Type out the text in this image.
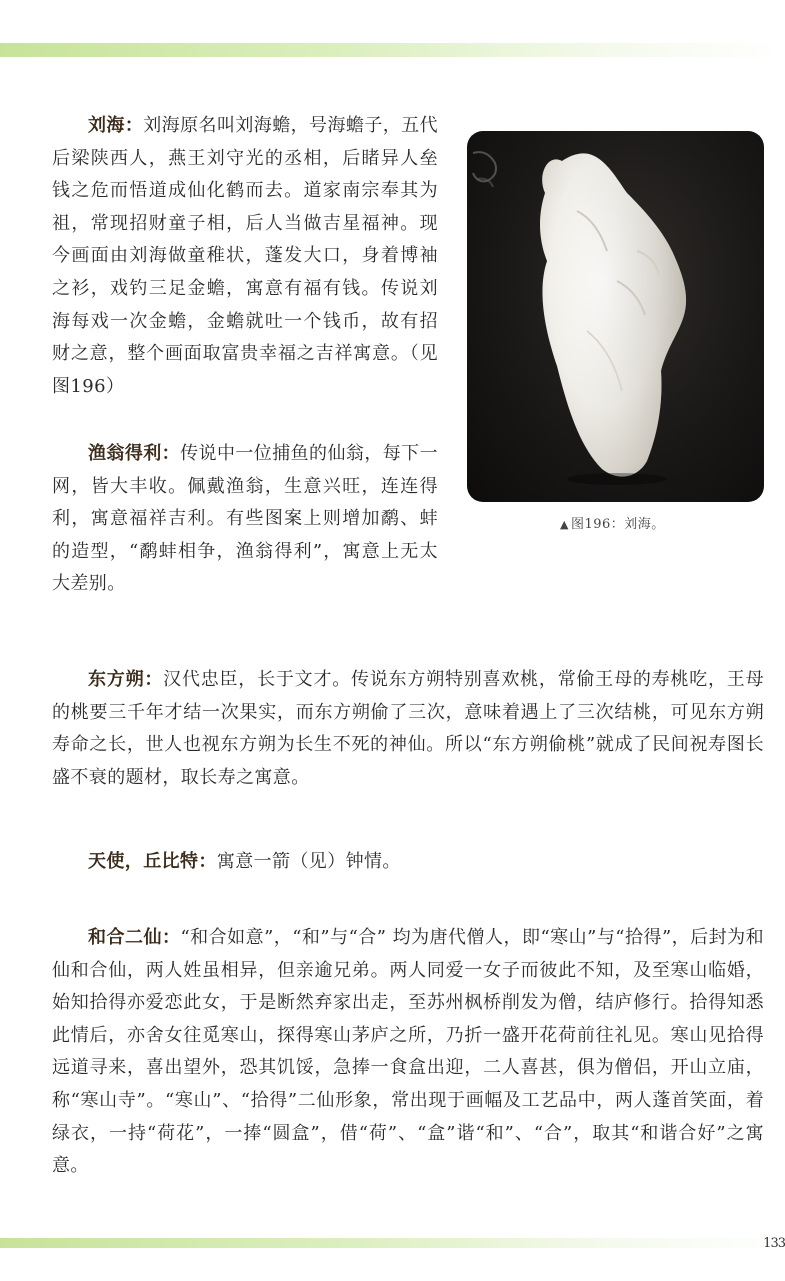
刘海：刘海原名叫刘海蟾，号海蟾子，五代后梁陕西人，燕王刘守光的丞相，后睹异人垒钱之危而悟道成仙化鹤而去。道家南宗奉其为祖，常现招财童子相，后人当做吉星福神。现今画面由刘海做童稚状，蓬发大口，身着博袖之衫，戏钓三足金蟾，寓意有福有钱。传说刘海每戏一次金蟾，金蟾就吐一个钱币，故有招财之意，整个画面取富贵幸福之吉祥寓意。（见图196）

▲ 图196：刘海。

渔翁得利：传说中一位捕鱼的仙翁，每下一网，皆大丰收。佩戴渔翁，生意兴旺，连连得利，寓意福祥吉利。有些图案上则增加鹬、蚌的造型，“鹬蚌相争，渔翁得利”，寓意上无太大差别。

东方朔：汉代忠臣，长于文才。传说东方朔特别喜欢桃，常偷王母的寿桃吃，王母的桃要三千年才结一次果实，而东方朔偷了三次，意味着遇上了三次结桃，可见东方朔寿命之长，世人也视东方朔为长生不死的神仙。所以“东方朔偷桃”就成了民间祝寿图长盛不衰的题材，取长寿之寓意。

天使，丘比特：寓意一箭（见）钟情。

和合二仙：“和合如意”，“和”与“合” 均为唐代僧人，即“寒山”与“拾得”，后封为和仙和合仙，两人姓虽相异，但亲逾兄弟。两人同爱一女子而彼此不知，及至寒山临婚，始知拾得亦爱恋此女，于是断然弃家出走，至苏州枫桥削发为僧，结庐修行。拾得知悉此情后，亦舍女往觅寒山，探得寒山茅庐之所，乃折一盛开花荷前往礼见。寒山见拾得远道寻来，喜出望外，恐其饥馁，急捧一食盒出迎，二人喜甚，俱为僧侣，开山立庙，称“寒山寺”。“寒山”、“拾得”二仙形象，常出现于画幅及工艺品中，两人蓬首笑面，着绿衣，一持“荷花”，一捧“圆盒”，借“荷”、“盒”谐“和”、“合”，取其“和谐合好”之寓意。

133
